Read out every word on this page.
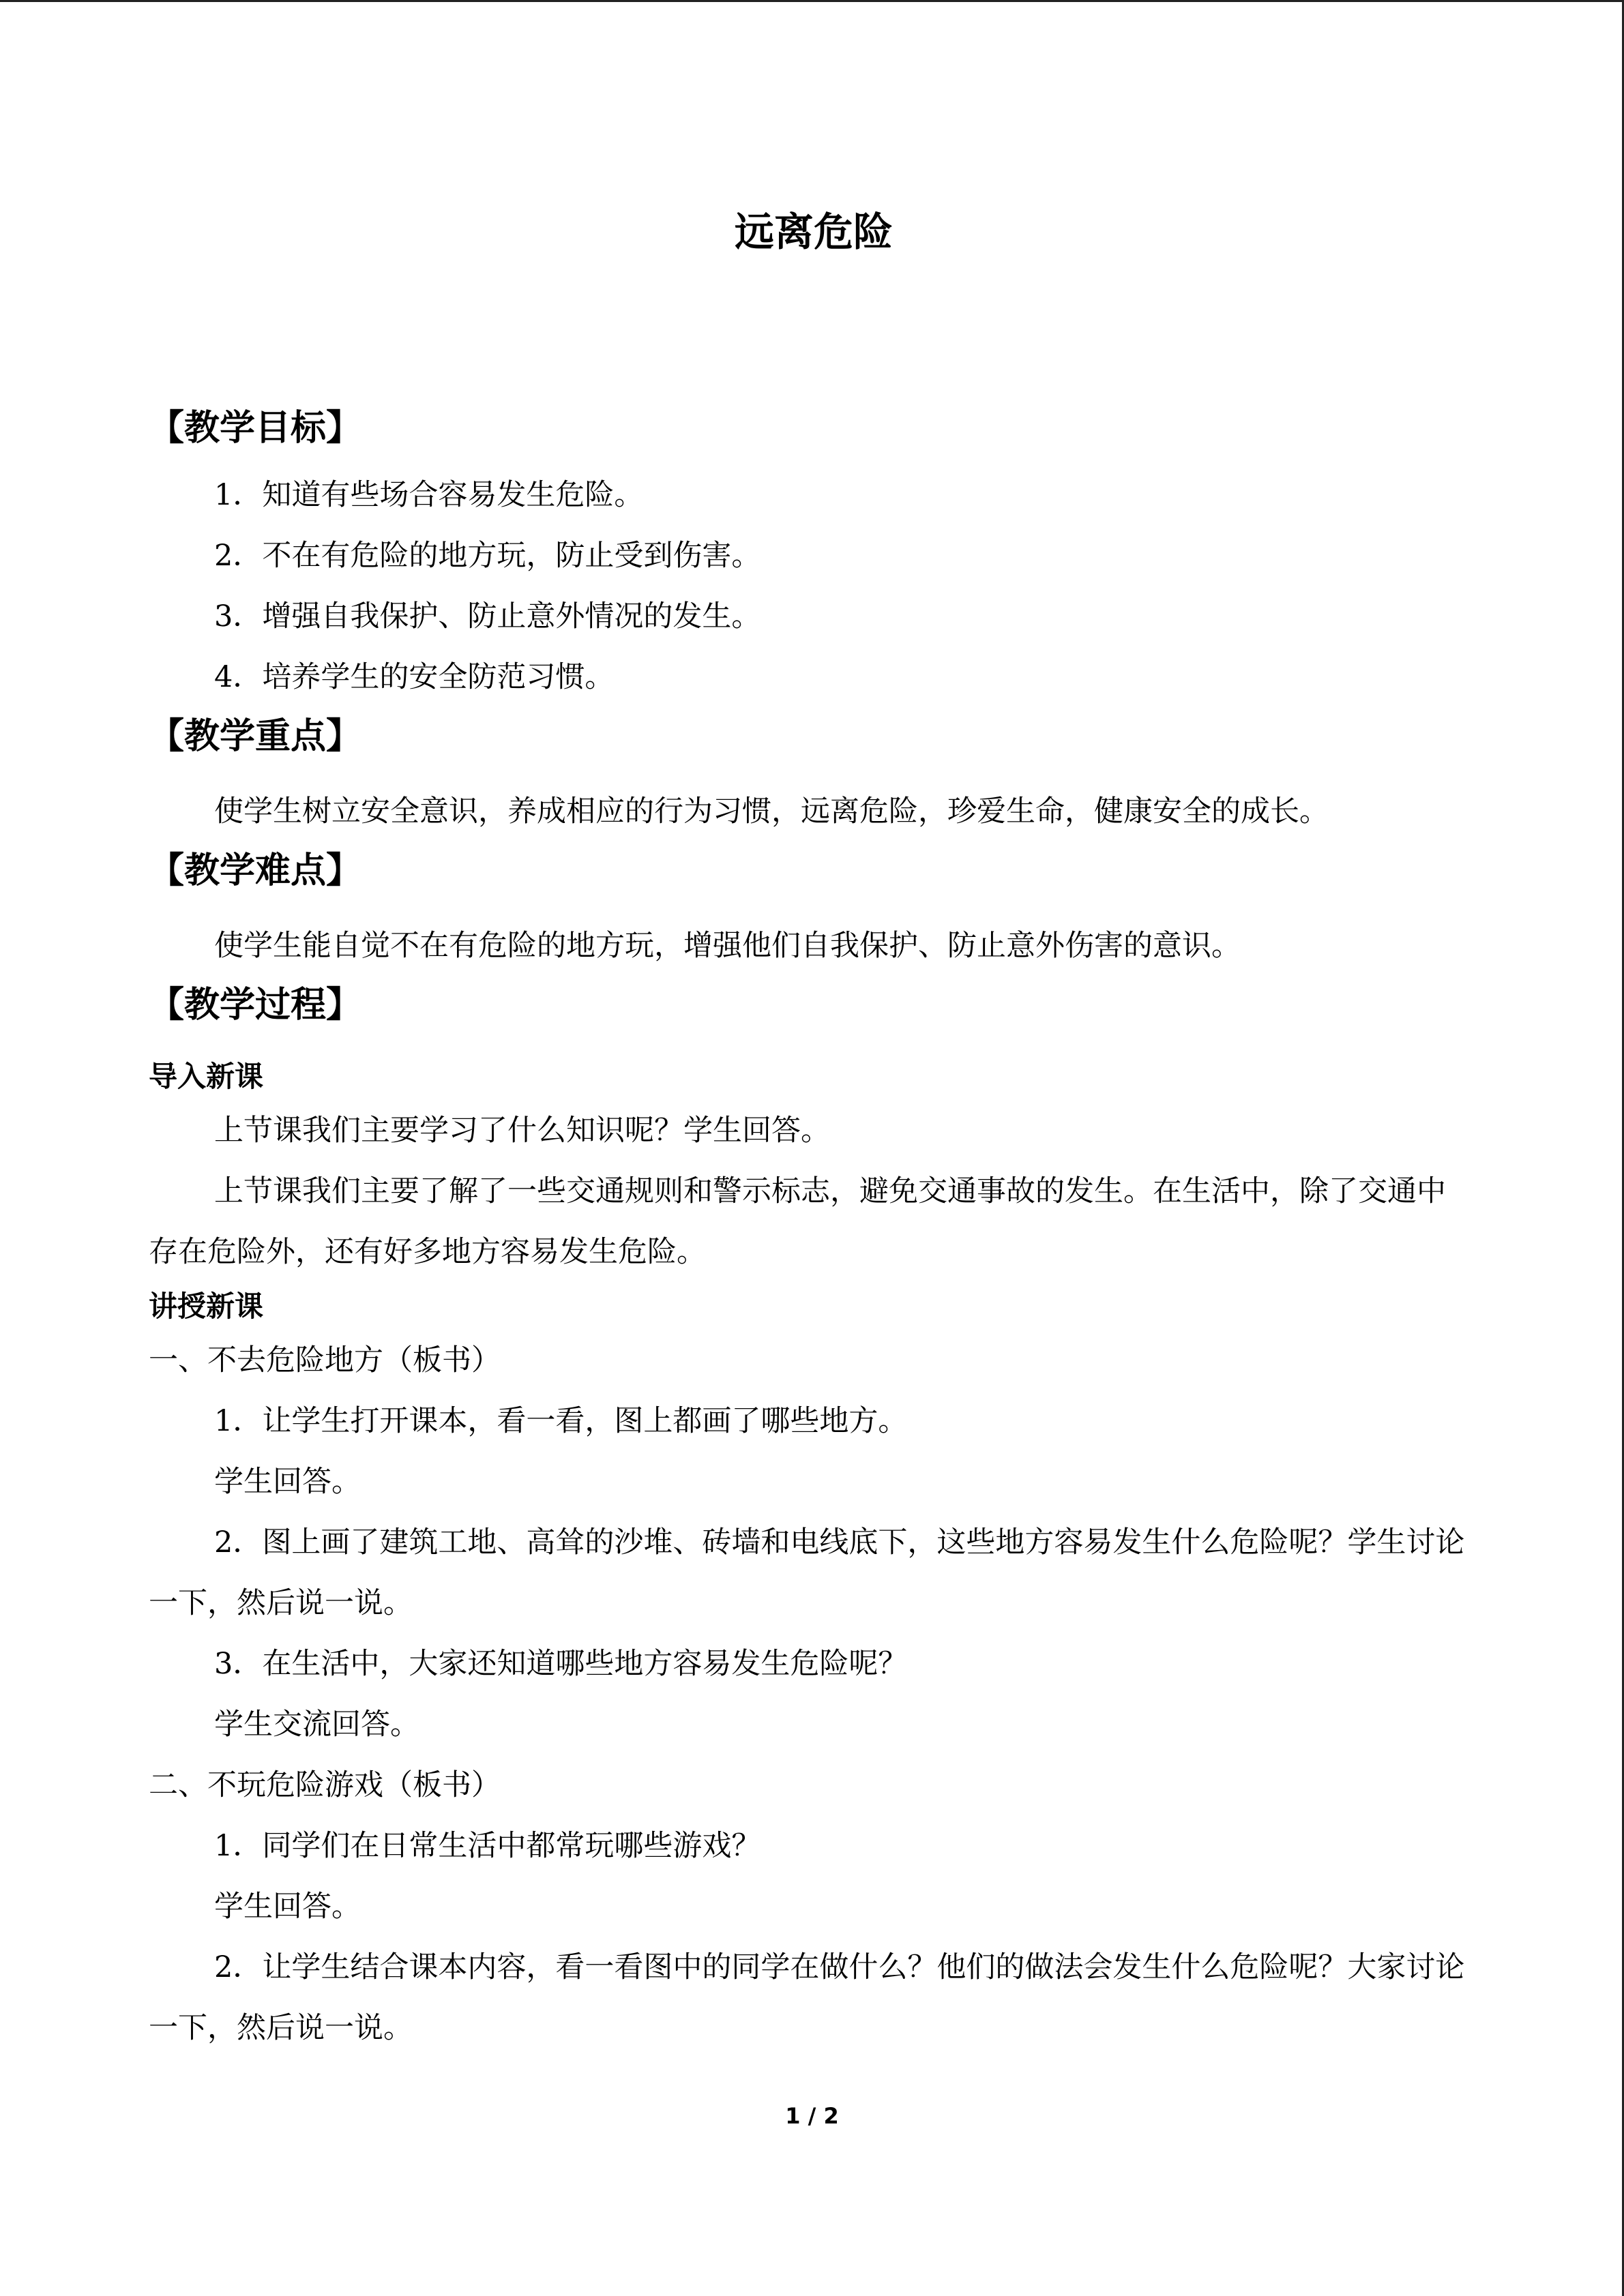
远离危险
【教学目标】

1．知道有些场合容易发生危险。

2．不在有危险的地方玩，防止受到伤害。

3．增强自我保护、防止意外情况的发生。

4．培养学生的安全防范习惯。

【教学重点】

使学生树立安全意识，养成相应的行为习惯，远离危险，珍爱生命，健康安全的成长。

【教学难点】

使学生能自觉不在有危险的地方玩，增强他们自我保护、防止意外伤害的意识。

【教学过程】
导入新课

上节课我们主要学习了什么知识呢？学生回答。

上节课我们主要了解了一些交通规则和警示标志，避免交通事故的发生。在生活中，除了交通中存在危险外，还有好多地方容易发生危险。

讲授新课

一、不去危险地方（板书）

1．让学生打开课本，看一看，图上都画了哪些地方。

学生回答。

2．图上画了建筑工地、高耸的沙堆、砖墙和电线底下，这些地方容易发生什么危险呢？学生讨论一下，然后说一说。

3．在生活中，大家还知道哪些地方容易发生危险呢？

学生交流回答。

二、不玩危险游戏（板书）

1．同学们在日常生活中都常玩哪些游戏？

学生回答。

2．让学生结合课本内容，看一看图中的同学在做什么？他们的做法会发生什么危险呢？大家讨论一下，然后说一说。

1 / 2
